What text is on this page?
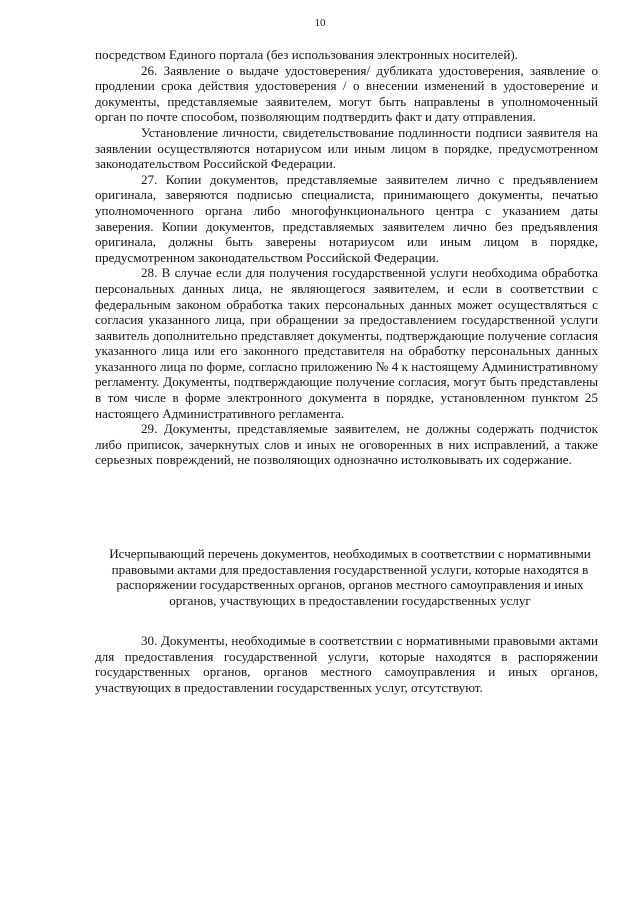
10

посредством Единого портала (без использования электронных носителей).

26. Заявление о выдаче удостоверения/ дубликата удостоверения, заявление о продлении срока действия удостоверения / о внесении изменений в удостоверение и документы, представляемые заявителем, могут быть направлены в уполномоченный орган по почте способом, позволяющим подтвердить факт и дату отправления.

Установление личности, свидетельствование подлинности подписи заявителя на заявлении осуществляются нотариусом или иным лицом в порядке, предусмотренном законодательством Российской Федерации.

27. Копии документов, представляемые заявителем лично с предъявлением оригинала, заверяются подписью специалиста, принимающего документы, печатью уполномоченного органа либо многофункционального центра с указанием даты заверения. Копии документов, представляемых заявителем лично без предъявления оригинала, должны быть заверены нотариусом или иным лицом в порядке, предусмотренном законодательством Российской Федерации.

28. В случае если для получения государственной услуги необходима обработка персональных данных лица, не являющегося заявителем, и если в соответствии с федеральным законом обработка таких персональных данных может осуществляться с согласия указанного лица, при обращении за предоставлением государственной услуги заявитель дополнительно представляет документы, подтверждающие получение согласия указанного лица или его законного представителя на обработку персональных данных указанного лица по форме, согласно приложению № 4 к настоящему Административному регламенту. Документы, подтверждающие получение согласия, могут быть представлены в том числе в форме электронного документа в порядке, установленном пунктом 25 настоящего Административного регламента.

29. Документы, представляемые заявителем, не должны содержать подчисток либо приписок, зачеркнутых слов и иных не оговоренных в них исправлений, а также серьезных повреждений, не позволяющих однозначно истолковывать их содержание.

Исчерпывающий перечень документов, необходимых в соответствии с нормативными правовыми актами для предоставления государственной услуги, которые находятся в распоряжении государственных органов, органов местного самоуправления и иных органов, участвующих в предоставлении государственных услуг

30. Документы, необходимые в соответствии с нормативными правовыми актами для предоставления государственной услуги, которые находятся в распоряжении государственных органов, органов местного самоуправления и иных органов, участвующих в предоставлении государственных услуг, отсутствуют.
